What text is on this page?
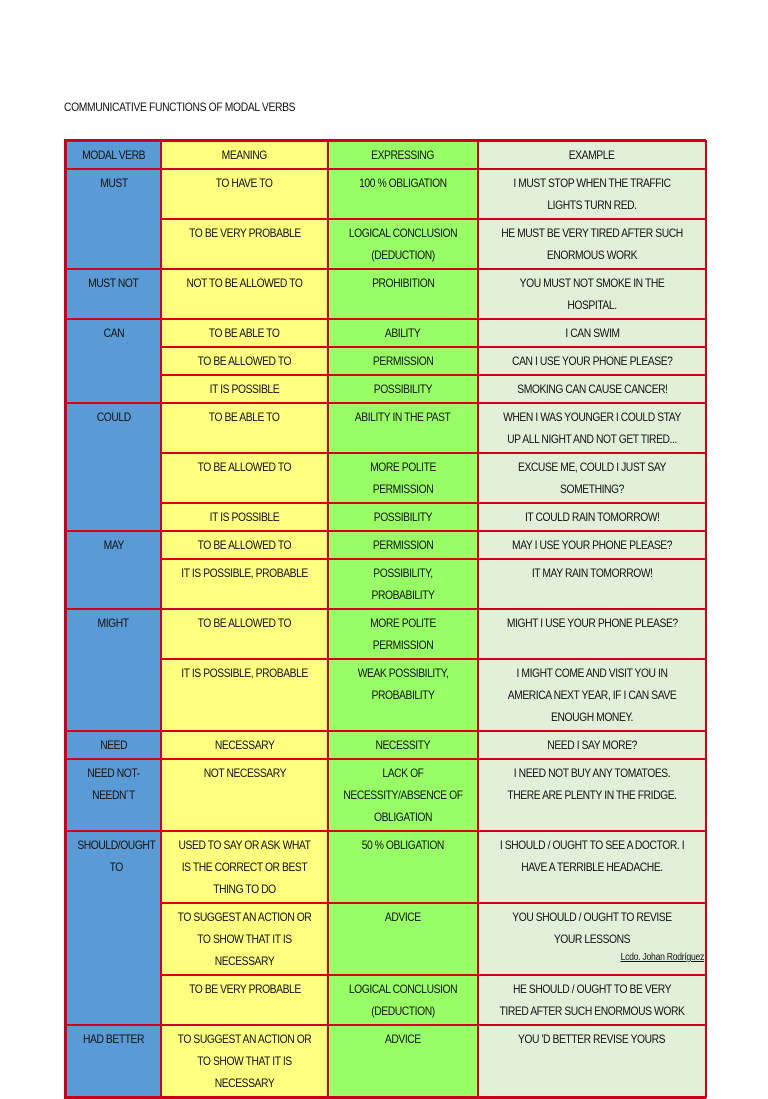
COMMUNICATIVE FUNCTIONS OF MODAL VERBS
MODAL VERB	MEANING	EXPRESSING	EXAMPLE
MUST	TO HAVE TO	100 % OBLIGATION	I MUST STOP WHEN THE TRAFFIC LIGHTS TURN RED.
	TO BE VERY PROBABLE	LOGICAL CONCLUSION (DEDUCTION)	HE MUST BE VERY TIRED AFTER SUCH ENORMOUS WORK
MUST NOT	NOT TO BE ALLOWED TO	PROHIBITION	YOU MUST NOT SMOKE IN THE HOSPITAL.
CAN	TO BE ABLE TO	ABILITY	I CAN SWIM
	TO BE ALLOWED TO	PERMISSION	CAN I USE YOUR PHONE PLEASE?
	IT IS POSSIBLE	POSSIBILITY	SMOKING CAN CAUSE CANCER!
COULD	TO BE ABLE TO	ABILITY IN THE PAST	WHEN I WAS YOUNGER I COULD STAY UP ALL NIGHT AND NOT GET TIRED...
	TO BE ALLOWED TO	MORE POLITE PERMISSION	EXCUSE ME, COULD I JUST SAY SOMETHING?
	IT IS POSSIBLE	POSSIBILITY	IT COULD RAIN TOMORROW!
MAY	TO BE ALLOWED TO	PERMISSION	MAY I USE YOUR PHONE PLEASE?
	IT IS POSSIBLE, PROBABLE	POSSIBILITY, PROBABILITY	IT MAY RAIN TOMORROW!
MIGHT	TO BE ALLOWED TO	MORE POLITE PERMISSION	MIGHT I USE YOUR PHONE PLEASE?
	IT IS POSSIBLE, PROBABLE	WEAK POSSIBILITY, PROBABILITY	I MIGHT COME AND VISIT YOU IN AMERICA NEXT YEAR, IF I CAN SAVE ENOUGH MONEY.
NEED	NECESSARY	NECESSITY	NEED I SAY MORE?
NEED NOT-NEEDN´T	NOT NECESSARY	LACK OF NECESSITY/ABSENCE OF OBLIGATION	I NEED NOT BUY ANY TOMATOES. THERE ARE PLENTY IN THE FRIDGE.
SHOULD/OUGHT TO	USED TO SAY OR ASK WHAT IS THE CORRECT OR BEST THING TO DO	50 % OBLIGATION	I SHOULD / OUGHT TO SEE A DOCTOR. I HAVE A TERRIBLE HEADACHE.
	TO SUGGEST AN ACTION OR TO SHOW THAT IT IS NECESSARY	ADVICE	YOU SHOULD / OUGHT TO REVISE YOUR LESSONS
	TO BE VERY PROBABLE	LOGICAL CONCLUSION (DEDUCTION)	HE SHOULD / OUGHT TO BE VERY TIRED AFTER SUCH ENORMOUS WORK
HAD BETTER	TO SUGGEST AN ACTION OR TO SHOW THAT IT IS NECESSARY	ADVICE	YOU 'D BETTER REVISE YOURS
Lcdo. Johan Rodríguez
